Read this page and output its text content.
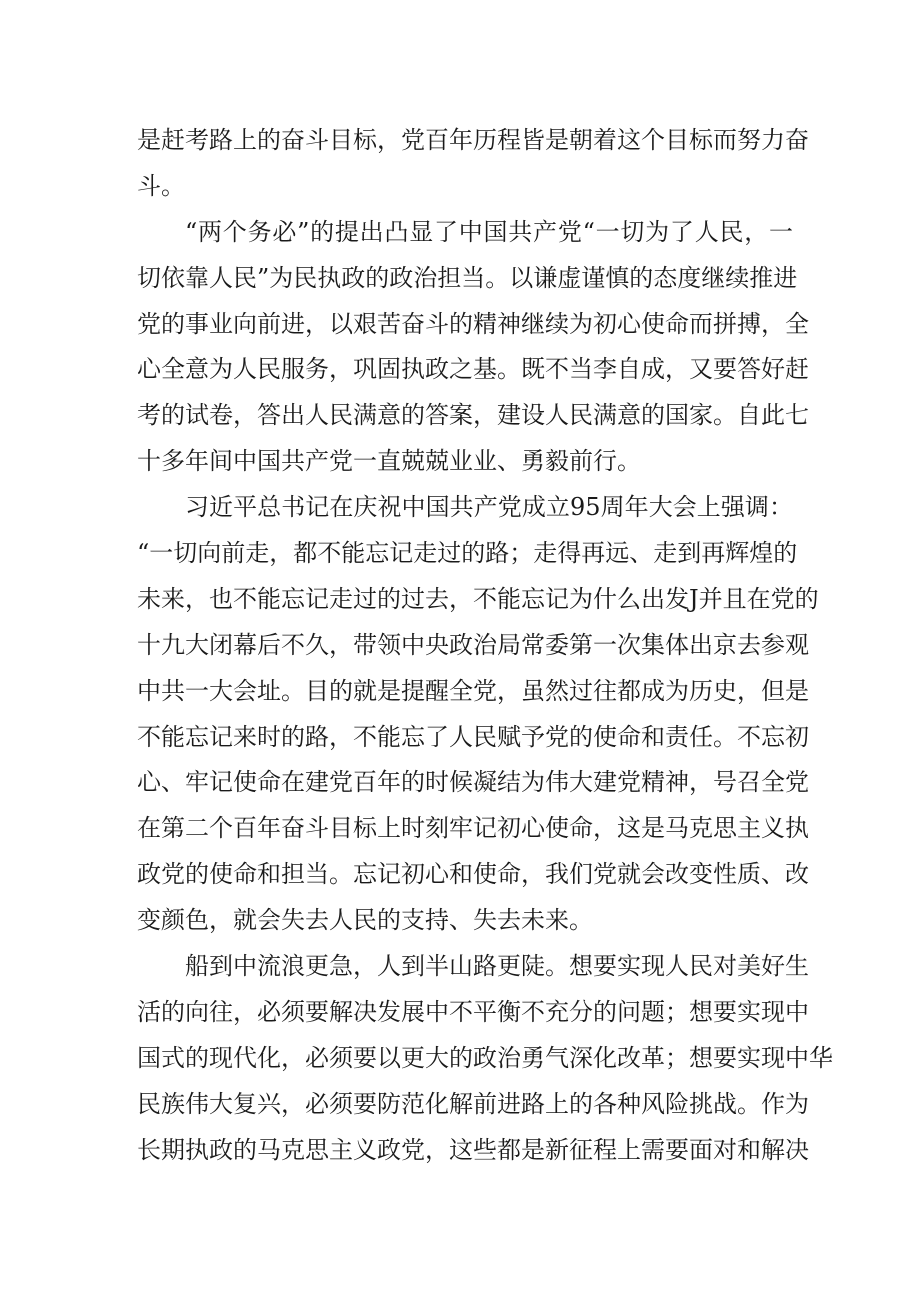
是赶考路上的奋斗目标，党百年历程皆是朝着这个目标而努力奋
斗。
“两个务必”的提出凸显了中国共产党“一切为了人民，一
切依靠人民”为民执政的政治担当。以谦虚谨慎的态度继续推进
党的事业向前进，以艰苦奋斗的精神继续为初心使命而拼搏，全
心全意为人民服务，巩固执政之基。既不当李自成，又要答好赶
考的试卷，答出人民满意的答案，建设人民满意的国家。自此七
十多年间中国共产党一直兢兢业业、勇毅前行。
习近平总书记在庆祝中国共产党成立95周年大会上强调：
“一切向前走，都不能忘记走过的路；走得再远、走到再辉煌的
未来，也不能忘记走过的过去，不能忘记为什么出发J并且在党的
十九大闭幕后不久，带领中央政治局常委第一次集体出京去参观
中共一大会址。目的就是提醒全党，虽然过往都成为历史，但是
不能忘记来时的路，不能忘了人民赋予党的使命和责任。不忘初
心、牢记使命在建党百年的时候凝结为伟大建党精神，号召全党
在第二个百年奋斗目标上时刻牢记初心使命，这是马克思主义执
政党的使命和担当。忘记初心和使命，我们党就会改变性质、改
变颜色，就会失去人民的支持、失去未来。
船到中流浪更急，人到半山路更陡。想要实现人民对美好生
活的向往，必须要解决发展中不平衡不充分的问题；想要实现中
国式的现代化，必须要以更大的政治勇气深化改革；想要实现中华
民族伟大复兴，必须要防范化解前进路上的各种风险挑战。作为
长期执政的马克思主义政党，这些都是新征程上需要面对和解决
